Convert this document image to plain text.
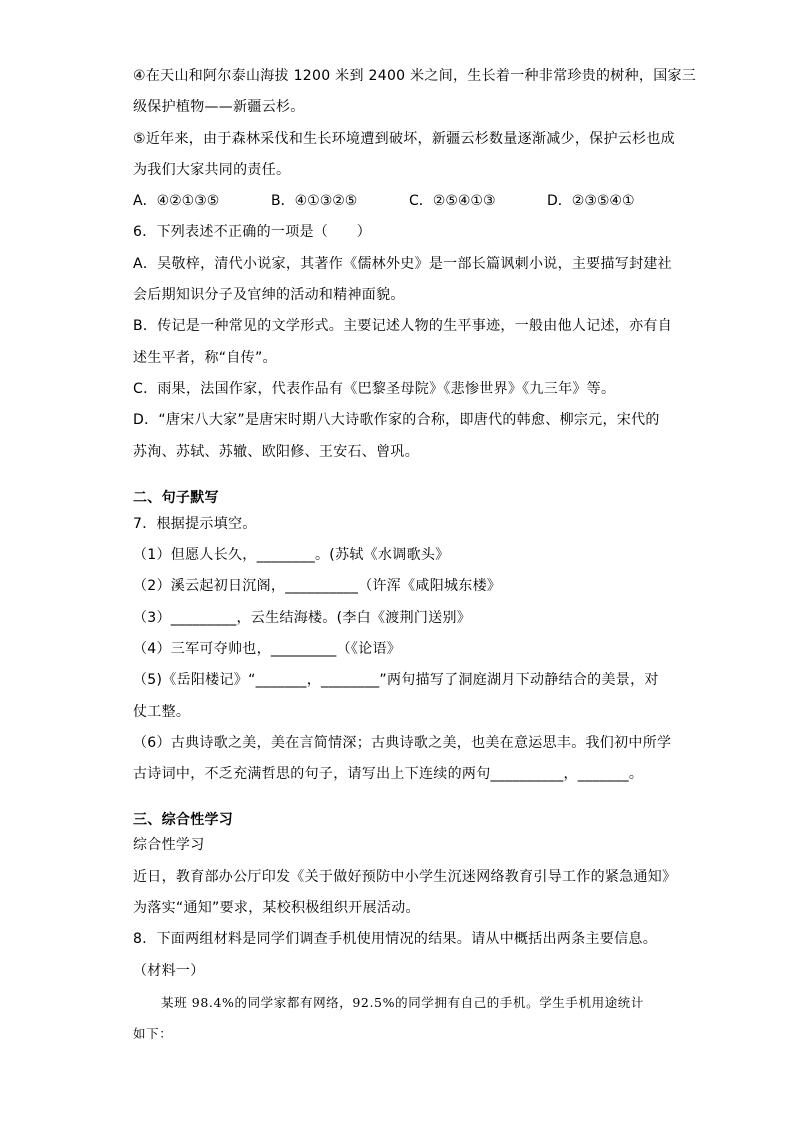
④在天山和阿尔泰山海拔 1200 米到 2400 米之间，生长着一种非常珍贵的树种，国家三
级保护植物——新疆云杉。
⑤近年来，由于森林采伐和生长环境遭到破坏，新疆云杉数量逐渐减少，保护云杉也成
为我们大家共同的责任。
A．④②①③⑤	B．④①③②⑤	C．②⑤④①③	D．②③⑤④①
6．下列表述不正确的一项是（　　）
A．吴敬梓，清代小说家，其著作《儒林外史》是一部长篇讽刺小说，主要描写封建社
会后期知识分子及官绅的活动和精神面貌。
B．传记是一种常见的文学形式。主要记述人物的生平事迹，一般由他人记述，亦有自
述生平者，称“自传”。
C．雨果，法国作家，代表作品有《巴黎圣母院》《悲惨世界》《九三年》等。
D．“唐宋八大家”是唐宋时期八大诗歌作家的合称，即唐代的韩愈、柳宗元，宋代的
苏洵、苏轼、苏辙、欧阳修、王安石、曾巩。
二、句子默写
7．根据提示填空。
（1）但愿人长久，________。(苏轼《水调歌头》
（2）溪云起初日沉阁，__________（许浑《咸阳城东楼》
（3）_________，云生结海楼。(李白《渡荆门送别》
（4）三军可夺帅也，_________（《论语》
（5)《岳阳楼记》“_______，________”两句描写了洞庭湖月下动静结合的美景，对
仗工整。
（6）古典诗歌之美，美在言简情深；古典诗歌之美，也美在意运思丰。我们初中所学
古诗词中，不乏充满哲思的句子，请写出上下连续的两句__________，_______。
三、综合性学习
综合性学习
近日，教育部办公厅印发《关于做好预防中小学生沉迷网络教育引导工作的紧急通知》
为落实“通知”要求，某校积极组织开展活动。
8．下面两组材料是同学们调查手机使用情况的结果。请从中概括出两条主要信息。
（材料一）
某班 98.4%的同学家都有网络，92.5%的同学拥有自己的手机。学生手机用途统计
如下：
